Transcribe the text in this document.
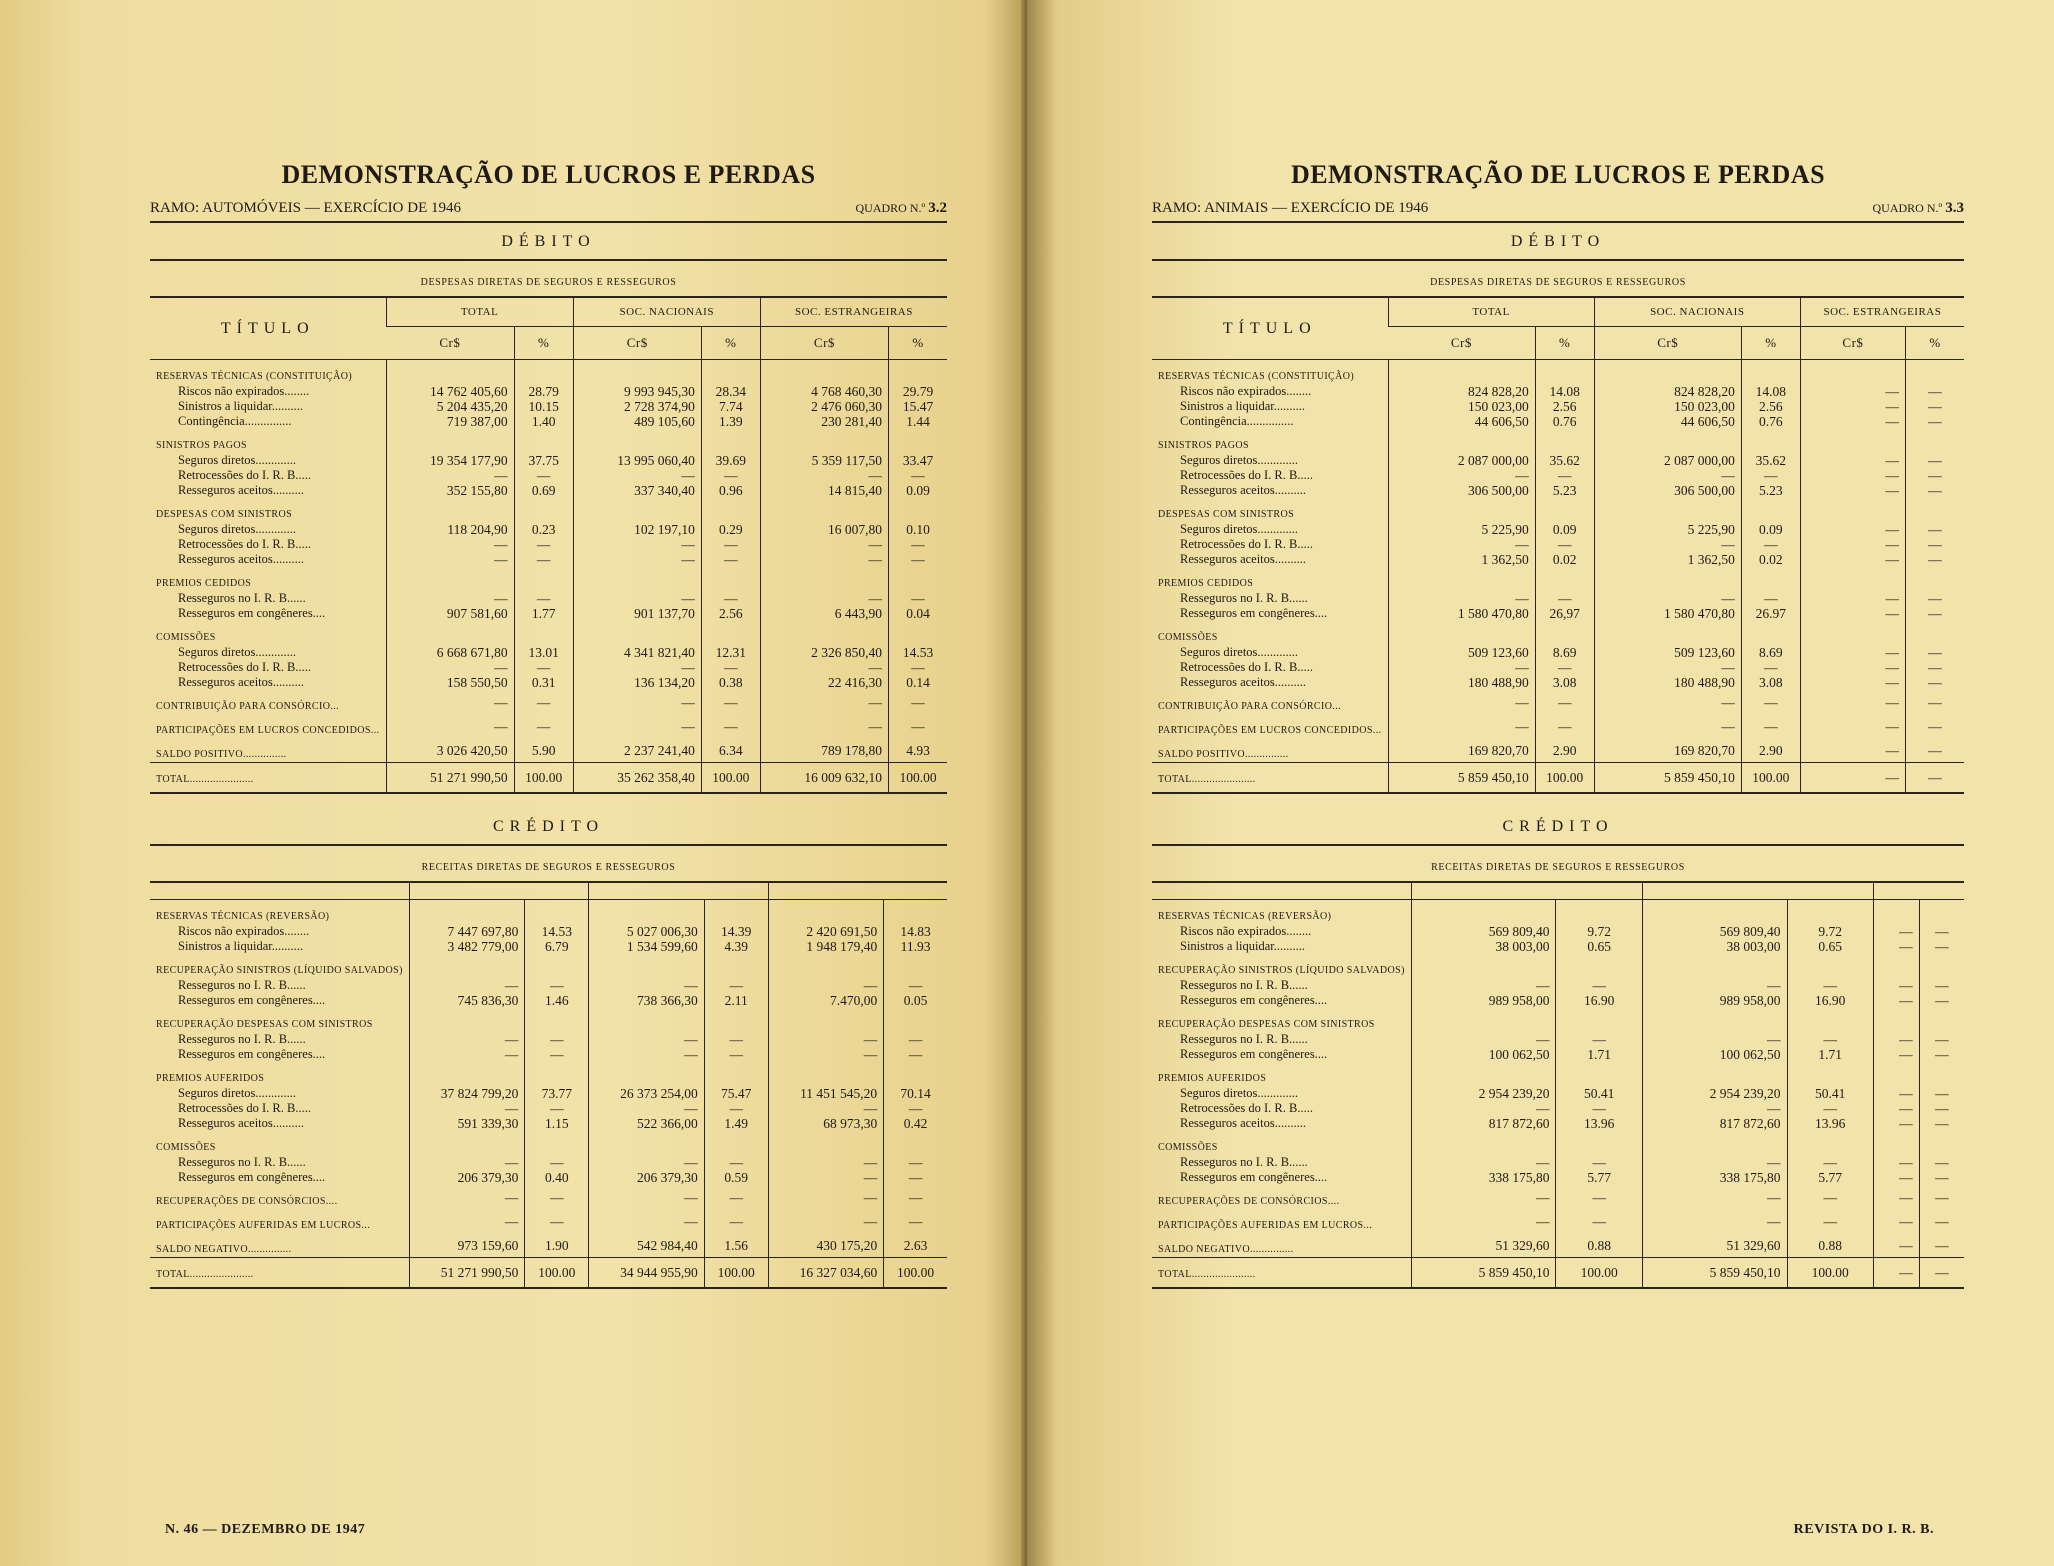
DEMONSTRAÇÃO DE LUCROS E PERDAS
RAMO: AUTOMÓVEIS — EXERCÍCIO DE 1946	QUADRO N.º 3.2
DÉBITO
DESPESAS DIRETAS DE SEGUROS E RESSEGUROS
TÍTULO	TOTAL		SOC. NACIONAIS		SOC. ESTRANGEIRAS	
	Cr$	%	Cr$	%	Cr$	%
RESERVAS TÉCNICAS (CONSTITUIÇÃO)						
Riscos não expirados........	14 762 405,60	28.79	9 993 945,30	28.34	4 768 460,30	29.79
Sinistros a liquidar..........	5 204 435,20	10.15	2 728 374,90	7.74	2 476 060,30	15.47
Contingência...............	719 387,00	1.40	489 105,60	1.39	230 281,40	1.44
SINISTROS PAGOS						
Seguros diretos.............	19 354 177,90	37.75	13 995 060,40	39.69	5 359 117,50	33.47
Retrocessões do I. R. B.....	—	—	—	—	—	—
Resseguros aceitos..........	352 155,80	0.69	337 340,40	0.96	14 815,40	0.09
DESPESAS COM SINISTROS						
Seguros diretos.............	118 204,90	0.23	102 197,10	0.29	16 007,80	0.10
Retrocessões do I. R. B.....	—	—	—	—	—	—
Resseguros aceitos..........	—	—	—	—	—	—
PREMIOS CEDIDOS						
Resseguros no I. R. B......	—	—	—	—	—	—
Resseguros em congêneres....	907 581,60	1.77	901 137,70	2.56	6 443,90	0.04
COMISSÕES						
Seguros diretos.............	6 668 671,80	13.01	4 341 821,40	12.31	2 326 850,40	14.53
Retrocessões do I. R. B.....	—	—	—	—	—	—
Resseguros aceitos..........	158 550,50	0.31	136 134,20	0.38	22 416,30	0.14
CONTRIBUIÇÃO PARA CONSÓRCIO...	—	—	—	—	—	—
PARTICIPAÇÕES EM LUCROS CONCEDIDOS...	—	—	—	—	—	—
SALDO POSITIVO...............	3 026 420,50	5.90	2 237 241,40	6.34	789 178,80	4.93
TOTAL......................	51 271 990,50	100.00	35 262 358,40	100.00	16 009 632,10	100.00
CRÉDITO
RECEITAS DIRETAS DE SEGUROS E RESSEGUROS

RESERVAS TÉCNICAS (REVERSÃO)						
Riscos não expirados........	7 447 697,80	14.53	5 027 006,30	14.39	2 420 691,50	14.83
Sinistros a liquidar..........	3 482 779,00	6.79	1 534 599,60	4.39	1 948 179,40	11.93
RECUPERAÇÃO SINISTROS (LÍQUIDO SALVADOS)						
Resseguros no I. R. B......	—	—	—	—	—	—
Resseguros em congêneres....	745 836,30	1.46	738 366,30	2.11	7.470,00	0.05
RECUPERAÇÃO DESPESAS COM SINISTROS						
Resseguros no I. R. B......	—	—	—	—	—	—
Resseguros em congêneres....	—	—	—	—	—	—
PREMIOS AUFERIDOS						
Seguros diretos.............	37 824 799,20	73.77	26 373 254,00	75.47	11 451 545,20	70.14
Retrocessões do I. R. B.....	—	—	—	—	—	—
Resseguros aceitos..........	591 339,30	1.15	522 366,00	1.49	68 973,30	0.42
COMISSÕES						
Resseguros no I. R. B......	—	—	—	—	—	—
Resseguros em congêneres....	206 379,30	0.40	206 379,30	0.59	—	—
RECUPERAÇÕES DE CONSÓRCIOS....	—	—	—	—	—	—
PARTICIPAÇÕES AUFERIDAS EM LUCROS...	—	—	—	—	—	—
SALDO NEGATIVO...............	973 159,60	1.90	542 984,40	1.56	430 175,20	2.63
TOTAL......................	51 271 990,50	100.00	34 944 955,90	100.00	16 327 034,60	100.00
N. 46 — DEZEMBRO DE 1947
DEMONSTRAÇÃO DE LUCROS E PERDAS
RAMO: ANIMAIS — EXERCÍCIO DE 1946	QUADRO N.º 3.3
DÉBITO
DESPESAS DIRETAS DE SEGUROS E RESSEGUROS
TÍTULO	TOTAL		SOC. NACIONAIS		SOC. ESTRANGEIRAS	
	Cr$	%	Cr$	%	Cr$	%
RESERVAS TÉCNICAS (CONSTITUIÇÃO)						
Riscos não expirados........	824 828,20	14.08	824 828,20	14.08	—	—
Sinistros a liquidar..........	150 023,00	2.56	150 023,00	2.56	—	—
Contingência...............	44 606,50	0.76	44 606,50	0.76	—	—
SINISTROS PAGOS						
Seguros diretos.............	2 087 000,00	35.62	2 087 000,00	35.62	—	—
Retrocessões do I. R. B.....	—	—	—	—	—	—
Resseguros aceitos..........	306 500,00	5.23	306 500,00	5.23	—	—
DESPESAS COM SINISTROS						
Seguros diretos.............	5 225,90	0.09	5 225,90	0.09	—	—
Retrocessões do I. R. B.....	—	—	—	—	—	—
Resseguros aceitos..........	1 362,50	0.02	1 362,50	0.02	—	—
PREMIOS CEDIDOS						
Resseguros no I. R. B......	—	—	—	—	—	—
Resseguros em congêneres....	1 580 470,80	26,97	1 580 470,80	26.97	—	—
COMISSÕES						
Seguros diretos.............	509 123,60	8.69	509 123,60	8.69	—	—
Retrocessões do I. R. B.....	—	—	—	—	—	—
Resseguros aceitos..........	180 488,90	3.08	180 488,90	3.08	—	—
CONTRIBUIÇÃO PARA CONSÓRCIO...	—	—	—	—	—	—
PARTICIPAÇÕES EM LUCROS CONCEDIDOS...	—	—	—	—	—	—
SALDO POSITIVO...............	169 820,70	2.90	169 820,70	2.90	—	—
TOTAL......................	5 859 450,10	100.00	5 859 450,10	100.00	—	—
CRÉDITO
RECEITAS DIRETAS DE SEGUROS E RESSEGUROS

RESERVAS TÉCNICAS (REVERSÃO)						
Riscos não expirados........	569 809,40	9.72	569 809,40	9.72	—	—
Sinistros a liquidar..........	38 003,00	0.65	38 003,00	0.65	—	—
RECUPERAÇÃO SINISTROS (LÍQUIDO SALVADOS)						
Resseguros no I. R. B......	—	—	—	—	—	—
Resseguros em congêneres....	989 958,00	16.90	989 958,00	16.90	—	—
RECUPERAÇÃO DESPESAS COM SINISTROS						
Resseguros no I. R. B......	—	—	—	—	—	—
Resseguros em congêneres....	100 062,50	1.71	100 062,50	1.71	—	—
PREMIOS AUFERIDOS						
Seguros diretos.............	2 954 239,20	50.41	2 954 239,20	50.41	—	—
Retrocessões do I. R. B.....	—	—	—	—	—	—
Resseguros aceitos..........	817 872,60	13.96	817 872,60	13.96	—	—
COMISSÕES						
Resseguros no I. R. B......	—	—	—	—	—	—
Resseguros em congêneres....	338 175,80	5.77	338 175,80	5.77	—	—
RECUPERAÇÕES DE CONSÓRCIOS....	—	—	—	—	—	—
PARTICIPAÇÕES AUFERIDAS EM LUCROS...	—	—	—	—	—	—
SALDO NEGATIVO...............	51 329,60	0.88	51 329,60	0.88	—	—
TOTAL......................	5 859 450,10	100.00	5 859 450,10	100.00	—	—
REVISTA DO I. R. B.
